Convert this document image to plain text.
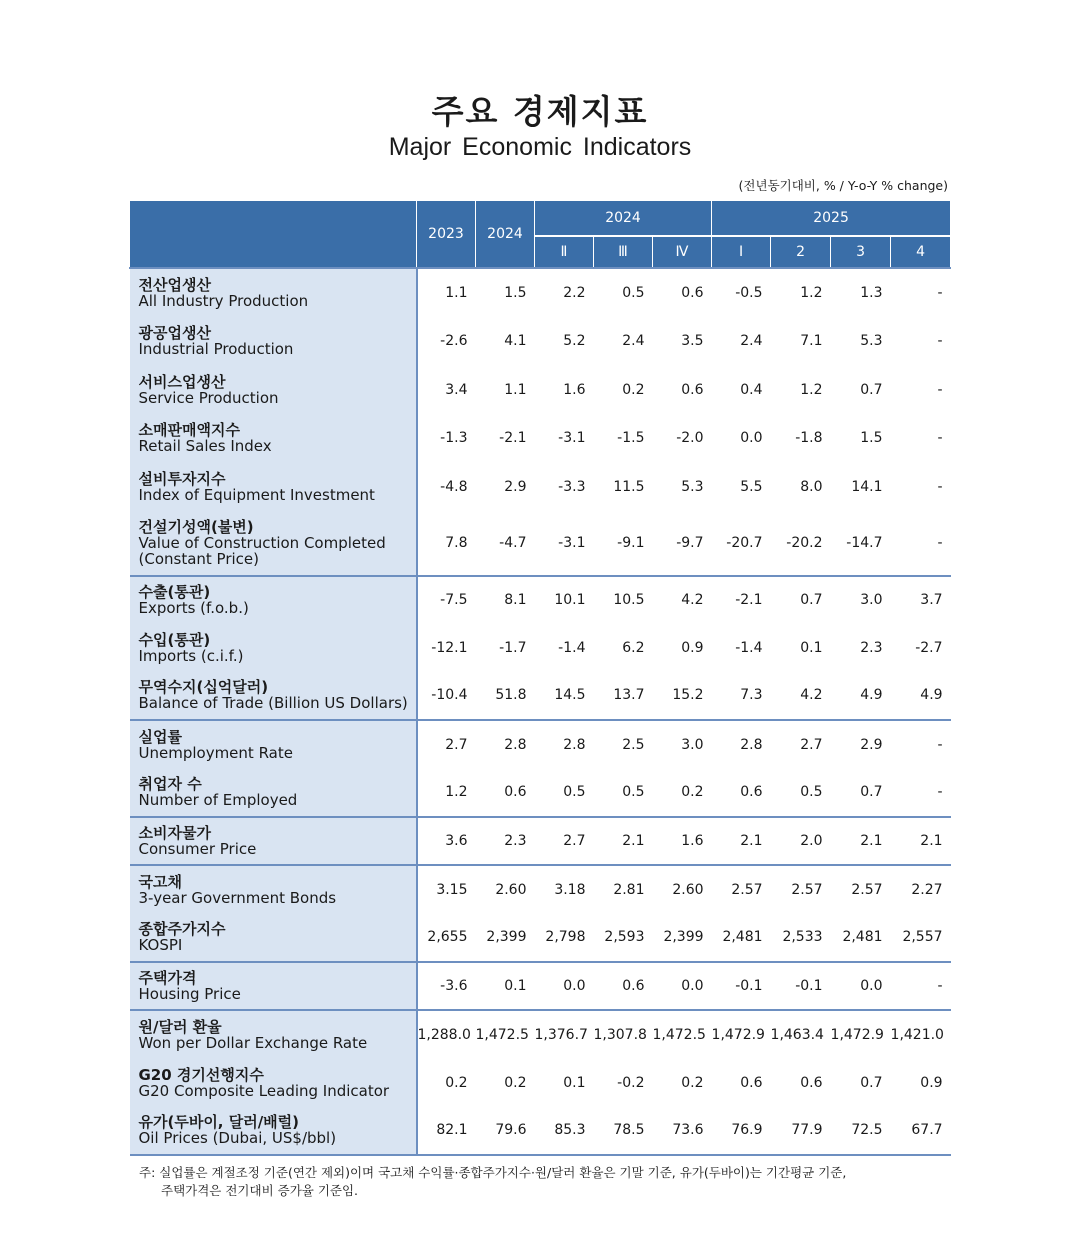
주요 경제지표
Major Economic Indicators
(전년동기대비, % / Y-o-Y % change)
	2023	2024	2024			2025			
			Ⅱ	Ⅲ	Ⅳ	Ⅰ	2	3	4

전산업생산
All Industry Production	1.1	1.5	2.2	0.5	0.6	-0.5	1.2	1.3	-

광공업생산
Industrial Production	-2.6	4.1	5.2	2.4	3.5	2.4	7.1	5.3	-

서비스업생산
Service Production	3.4	1.1	1.6	0.2	0.6	0.4	1.2	0.7	-

소매판매액지수
Retail Sales Index	-1.3	-2.1	-3.1	-1.5	-2.0	0.0	-1.8	1.5	-

설비투자지수
Index of Equipment Investment	-4.8	2.9	-3.3	11.5	5.3	5.5	8.0	14.1	-

건설기성액(불변)
Value of Construction Completed
(Constant Price)	7.8	-4.7	-3.1	-9.1	-9.7	-20.7	-20.2	-14.7	-

수출(통관)
Exports (f.o.b.)	-7.5	8.1	10.1	10.5	4.2	-2.1	0.7	3.0	3.7

수입(통관)
Imports (c.i.f.)	-12.1	-1.7	-1.4	6.2	0.9	-1.4	0.1	2.3	-2.7

무역수지(십억달러)
Balance of Trade (Billion US Dollars)	-10.4	51.8	14.5	13.7	15.2	7.3	4.2	4.9	4.9

실업률
Unemployment Rate	2.7	2.8	2.8	2.5	3.0	2.8	2.7	2.9	-

취업자 수
Number of Employed	1.2	0.6	0.5	0.5	0.2	0.6	0.5	0.7	-

소비자물가
Consumer Price	3.6	2.3	2.7	2.1	1.6	2.1	2.0	2.1	2.1

국고채
3-year Government Bonds	3.15	2.60	3.18	2.81	2.60	2.57	2.57	2.57	2.27

종합주가지수
KOSPI	2,655	2,399	2,798	2,593	2,399	2,481	2,533	2,481	2,557

주택가격
Housing Price	-3.6	0.1	0.0	0.6	0.0	-0.1	-0.1	0.0	-

원/달러 환율
Won per Dollar Exchange Rate	1,288.0	1,472.5	1,376.7	1,307.8	1,472.5	1,472.9	1,463.4	1,472.9	1,421.0

G20 경기선행지수
G20 Composite Leading Indicator	0.2	0.2	0.1	-0.2	0.2	0.6	0.6	0.7	0.9

유가(두바이, 달러/배럴)
Oil Prices (Dubai, US$/bbl)	82.1	79.6	85.3	78.5	73.6	76.9	77.9	72.5	67.7
주: 실업률은 계절조정 기준(연간 제외)이며 국고채 수익률·종합주가지수·원/달러 환율은 기말 기준, 유가(두바이)는 기간평균 기준,
주택가격은 전기대비 증가율 기준임.
